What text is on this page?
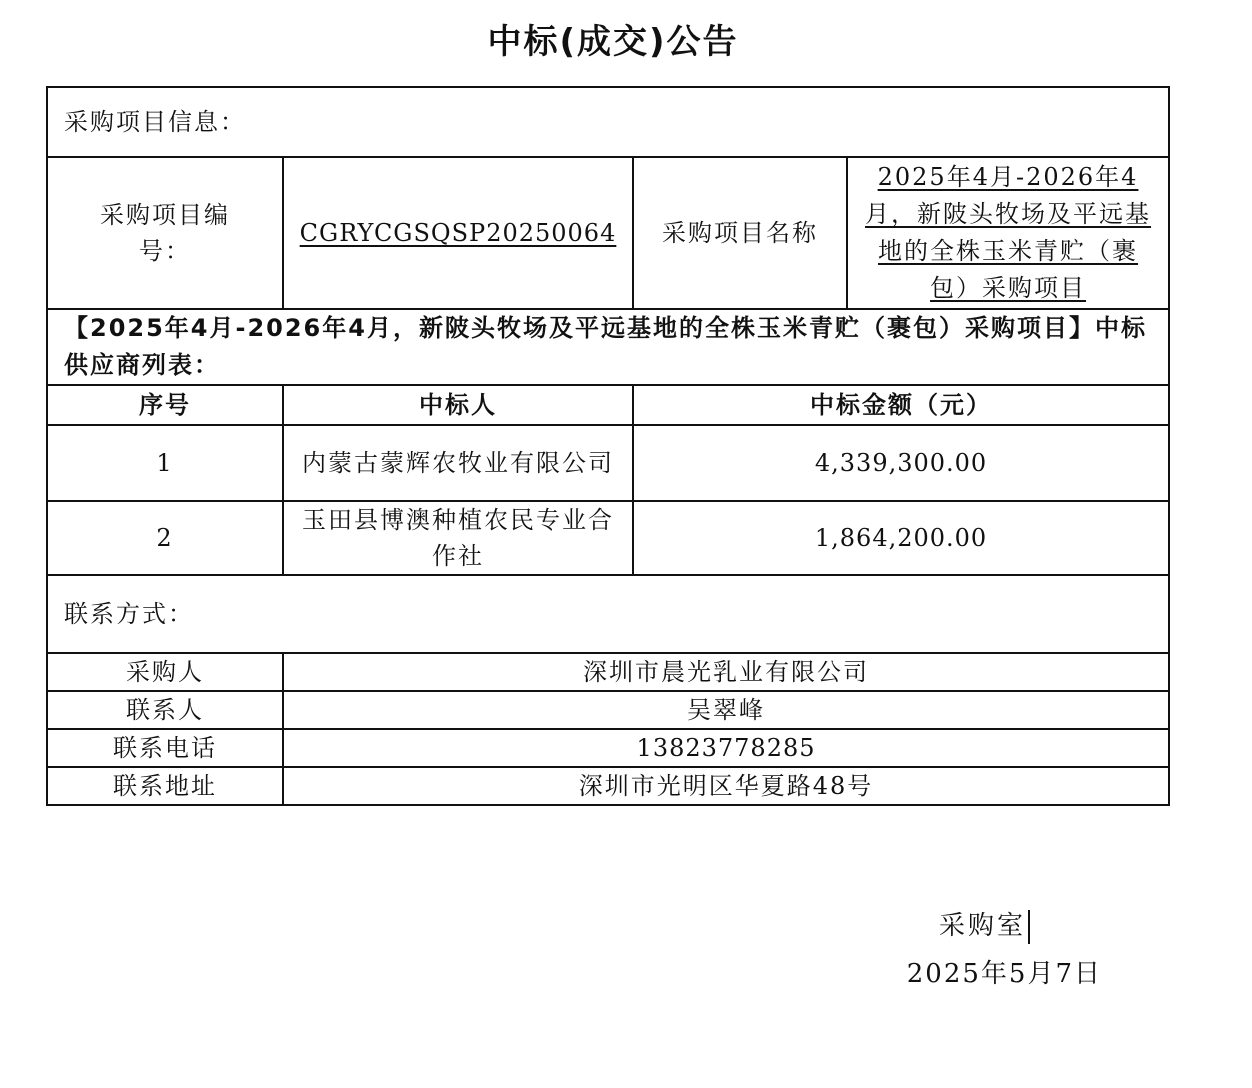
中标(成交)公告
采购项目信息：			
采购项目编号：	CGRYCGSQSP20250064	采购项目名称	2025年4月-2026年4月，新陂头牧场及平远基地的全株玉米青贮（裹包）采购项目
【2025年4月-2026年4月，新陂头牧场及平远基地的全株玉米青贮（裹包）采购项目】中标供应商列表：			
序号	中标人	中标金额（元）	
1	内蒙古蒙辉农牧业有限公司	4,339,300.00	
2	玉田县博澳种植农民专业合作社	1,864,200.00	
联系方式：			
采购人	深圳市晨光乳业有限公司		
联系人	吴翠峰		
联系电话	13823778285		
联系地址	深圳市光明区华夏路48号		
采购室
2025年5月7日
